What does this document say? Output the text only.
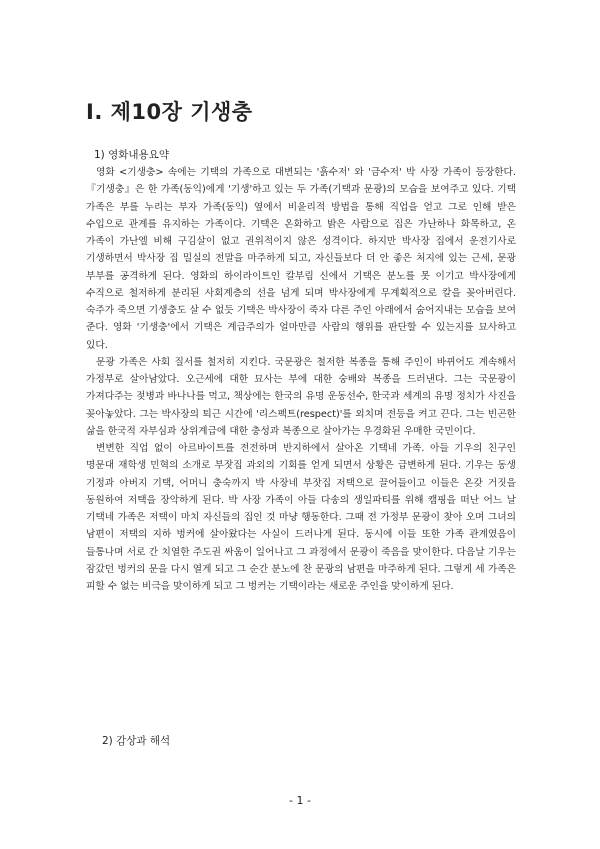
I. 제10장 기생충

1) 영화내용요약

영화 <기생충> 속에는 기택의 가족으로 대변되는 '흙수저' 와 '금수저' 박 사장 가족이 등장한다. 『기생충』은 한 가족(동익)에게 '기생'하고 있는 두 가족(기택과 문광)의 모습을 보여주고 있다. 기택 가족은 부를 누리는 부자 가족(동익) 옆에서 비윤리적 방법을 통해 직업을 얻고 그로 인해 받은 수입으로 관계를 유지하는 가족이다. 기택은 온화하고 밝은 사람으로 집은 가난하나 화목하고, 온 가족이 가난엘 비해 구김살이 없고 권위적이지 않은 성격이다. 하지만 박사장 집에서 운전기사로 기생하면서 박사장 집 밀실의 전말을 마주하게 되고, 자신들보다 더 안 좋은 처지에 있는 근세, 문광 부부를 공격하게 된다. 영화의 하이라이트인 칼부림 신에서 기택은 분노를 못 이기고 박사장에게 수직으로 철저하게 분리된 사회계층의 선을 넘게 되며 박사장에게 무계획적으로 칼을 꽂아버린다. 숙주가 죽으면 기생충도 살 수 없듯 기택은 박사장이 죽자 다른 주인 아래에서 숨어지내는 모습을 보여 준다. 영화 '기생충'에서 기택은 계급주의가 얼마만큼 사람의 행위를 판단할 수 있는지를 묘사하고 있다.

문광 가족은 사회 질서를 철저히 지킨다. 국문광은 철저한 복종을 통해 주인이 바뀌어도 계속해서 가정부로 살아남았다. 오근세에 대한 묘사는 부에 대한 숭배와 복종을 드러낸다. 그는 국문광이 가져다주는 젖병과 바나나를 먹고, 책상에는 한국의 유명 운동선수, 한국과 세계의 유명 정치가 사진을 꽂아놓았다. 그는 박사장의 퇴근 시간에 '리스펙트(respect)'를 외치며 전등을 켜고 끈다. 그는 빈곤한 삶을 한국적 자부심과 상위계급에 대한 충성과 복종으로 살아가는 우경화된 우매한 국민이다.

변변한 직업 없이 아르바이트를 전전하며 반지하에서 살아온 기택네 가족. 아들 기우의 친구인 명문대 재학생 민혁의 소개로 부잣집 과외의 기회를 얻게 되면서 상황은 급변하게 된다. 기우는 동생 기정과 아버지 기택, 어머니 충숙까지 박 사장네 부잣집 저택으로 끌어들이고 이들은 온갖 거짓을 동원하여 저택을 장악하게 된다. 박 사장 가족이 아들 다송의 생일파티를 위해 캠핑을 떠난 어느 날 기택네 가족은 저택이 마치 자신들의 집인 것 마냥 행동한다. 그때 전 가정부 문광이 찾아 오며 그녀의 남편이 저택의 지하 벙커에 살아왔다는 사실이 드러나게 된다. 동시에 이들 또한 가족 관계였음이 들통나며 서로 간 치열한 주도권 싸움이 일어나고 그 과정에서 문광이 죽음을 맞이한다. 다음날 기우는 잠갔던 벙커의 문을 다시 열게 되고 그 순간 분노에 찬 문광의 남편을 마주하게 된다. 그렇게 세 가족은 피할 수 없는 비극을 맞이하게 되고 그 벙커는 기택이라는 새로운 주인을 맞이하게 된다.

2) 감상과 해석

- 1 -
